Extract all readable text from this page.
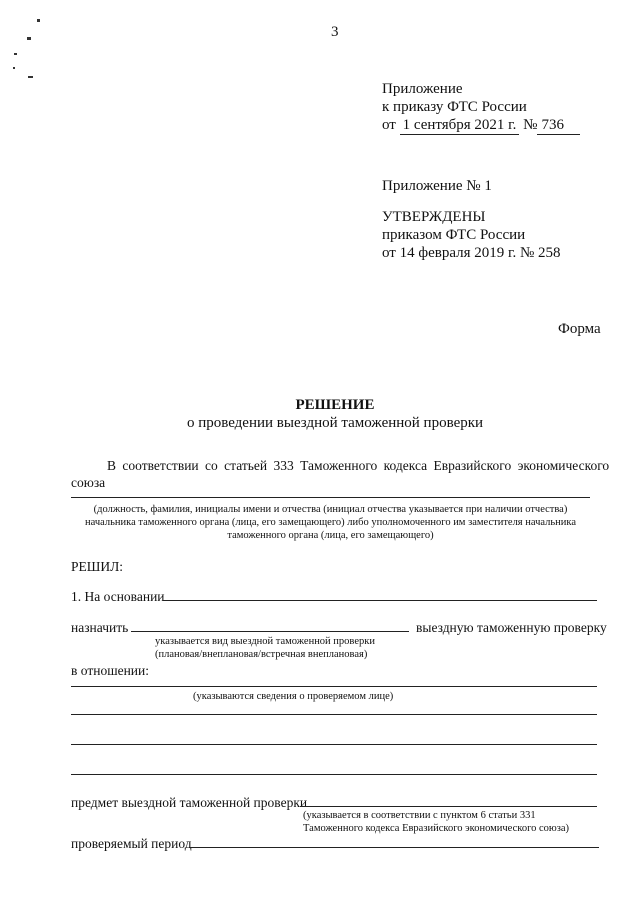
3
Приложение
к приказу ФТС России
от 1 сентября 2021 г. № 736
Приложение № 1
УТВЕРЖДЕНЫ
приказом ФТС России
от 14 февраля 2019 г. № 258
Форма
РЕШЕНИЕ
о проведении выездной таможенной проверки
В соответствии со статьей 333 Таможенного кодекса Евразийского экономического
союза
(должность, фамилия, инициалы имени и отчества (инициал отчества указывается при наличии отчества)
начальника таможенного органа (лица, его замещающего) либо уполномоченного им заместителя начальника
таможенного органа (лица, его замещающего)
РЕШИЛ:
1. На основании
назначить	выездную таможенную проверку
указывается вид выездной таможенной проверки
(плановая/внеплановая/встречная внеплановая)
в отношении:
(указываются сведения о проверяемом лице)
предмет выездной таможенной проверки
(указывается в соответствии с пунктом 6 статьи 331
Таможенного кодекса Евразийского экономического союза)
проверяемый период
